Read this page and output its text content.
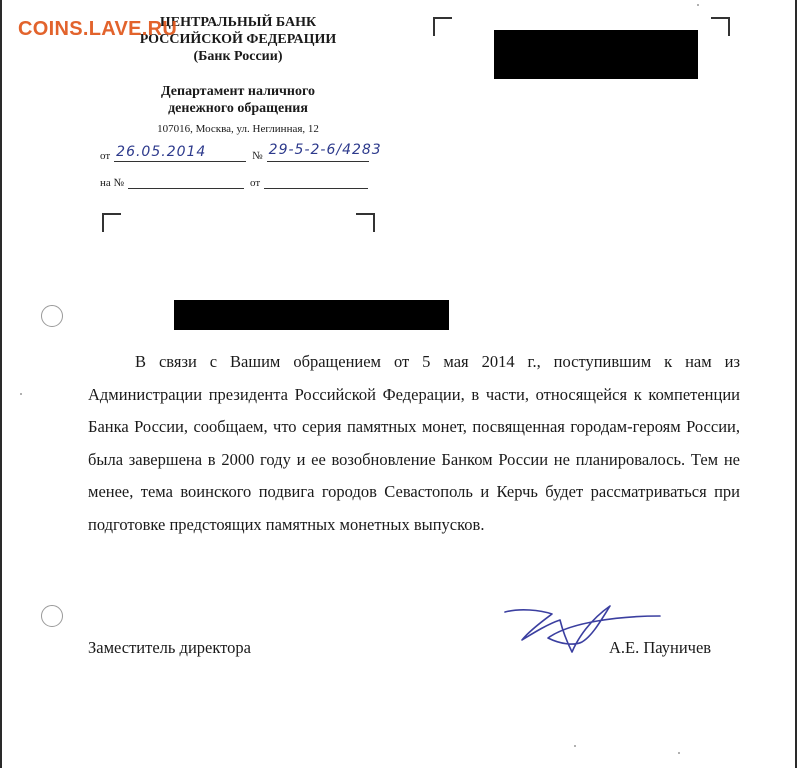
ЦЕНТРАЛЬНЫЙ БАНК
РОССИЙСКОЙ ФЕДЕРАЦИИ
(Банк России)
Департамент наличного
денежного обращения
107016, Москва, ул. Неглинная, 12
COINS.LAVE.RU
от 26.05.2014	№ 29-5-2-6/4283
на №	от
В связи с Вашим обращением от 5 мая 2014 г., поступившим к нам из Администрации президента Российской Федерации, в части, относящейся к компетенции Банка России, сообщаем, что серия памятных монет, посвященная городам-героям России, была завершена в 2000 году и ее возобновление Банком России не планировалось. Тем не менее, тема воинского подвига городов Севастополь и Керчь будет рассматриваться при подготовке предстоящих памятных монетных выпусков.
Заместитель директора	А.Е. Пауничев
